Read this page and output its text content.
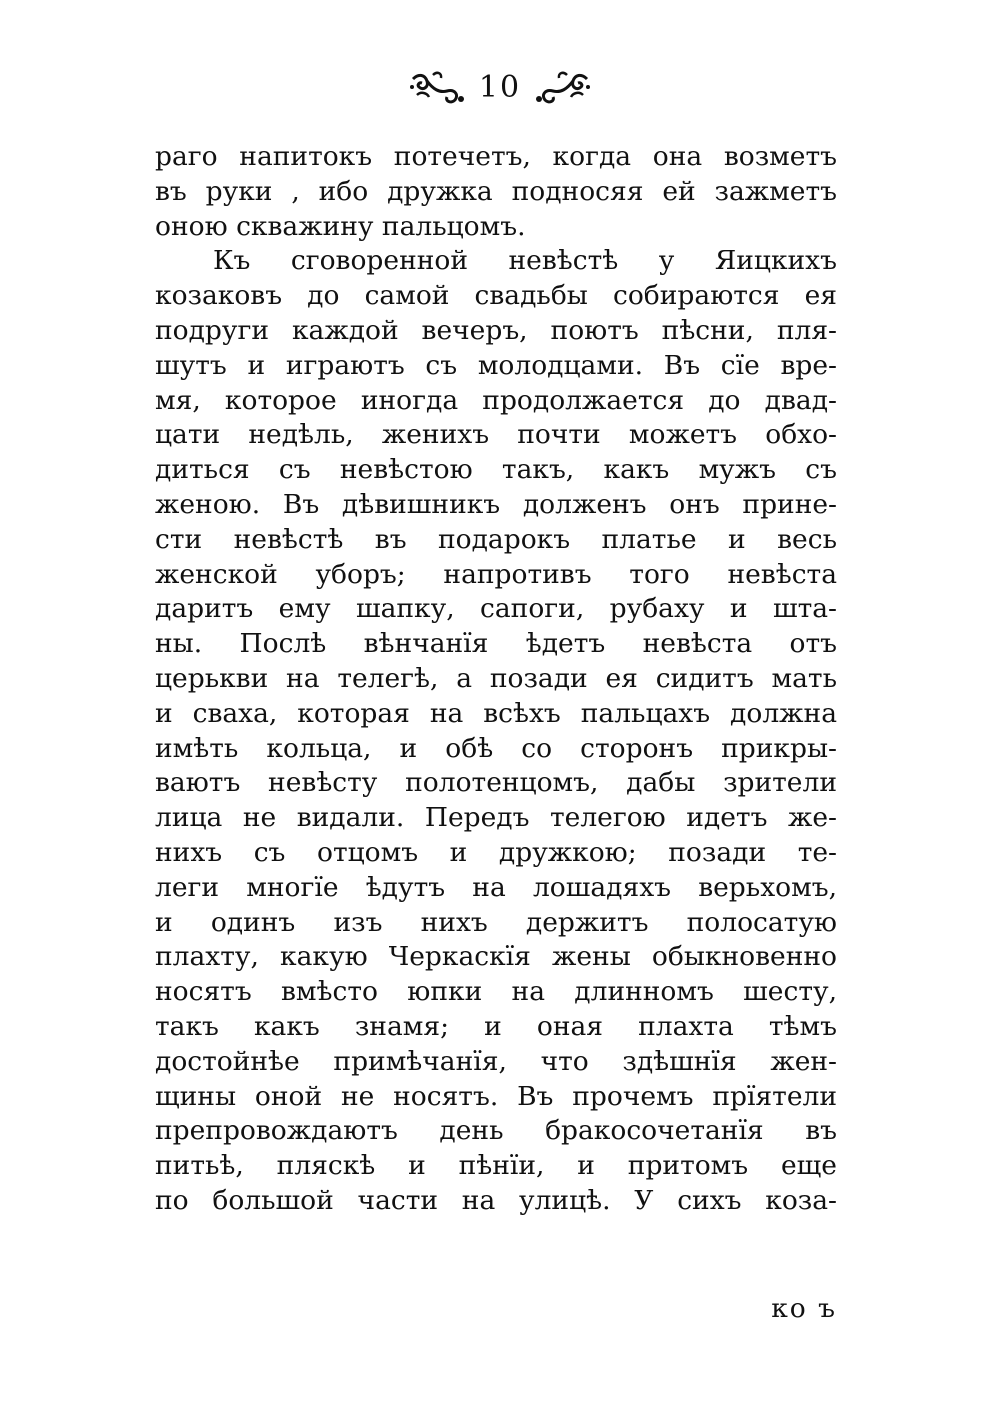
10
раго напитокъ потечетъ, когда она возметъ
въ руки , ибо дружка подносяя ей зажметъ
оною скважину пальцомъ.
Къ сговоренной невѣстѣ у Яицкихъ
козаковъ до самой свадьбы собираются ея
подруги каждой вечеръ, поютъ пѣсни, пля-
шутъ и играютъ съ молодцами. Въ сїе вре-
мя, которое иногда продолжается до двад-
цати недѣль, женихъ почти можетъ обхо-
диться съ невѣстою такъ, какъ мужъ съ
женою. Въ дѣвишникъ долженъ онъ прине-
сти невѣстѣ въ подарокъ платье и весь
женской уборъ; напротивъ того невѣста
даритъ ему шапку, сапоги, рубаху и шта-
ны. Послѣ вѣнчанїя ѣдетъ невѣста отъ
церькви на телегѣ, а позади ея сидитъ мать
и сваха, которая на всѣхъ пальцахъ должна
имѣть кольца, и обѣ со сторонъ прикры-
ваютъ невѣсту полотенцомъ, дабы зрители
лица не видали. Передъ телегою идетъ же-
нихъ съ отцомъ и дружкою; позади те-
леги многїе ѣдутъ на лошадяхъ верьхомъ,
и одинъ изъ нихъ держитъ полосатую
плахту, какую Черкаскїя жены обыкновенно
носятъ вмѣсто юпки на длинномъ шесту,
такъ какъ знамя; и оная плахта тѣмъ
достойнѣе примѣчанїя, что здѣшнїя жен-
щины оной не носятъ. Въ прочемъ прїятели
препровождаютъ день бракосочетанїя въ
питьѣ, пляскѣ и пѣнїи, и притомъ еще
по большой части на улицѣ. У сихъ коза-
ко ъ
